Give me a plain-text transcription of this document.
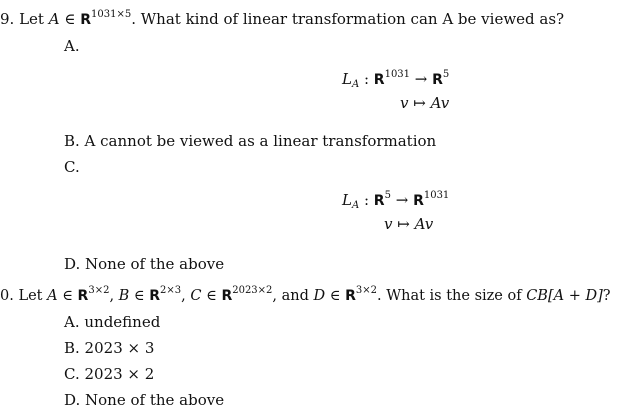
9. Let A ∈ $R^{1031\times 5}$. What kind of linear transformation can A be viewed as?
A.
$L_A$ : $R^{1031} \to R^5$
v ↦ Av
B. A cannot be viewed as a linear transformation
C.
$L_A$ : $R^5 \to R^{1031}$
v ↦ Av
D. None of the above
0. Let A ∈ $R^{3\times 2}$, B ∈ $R^{2\times 3}$, C ∈ $R^{2023\times 2}$, and D ∈ $R^{3\times 2}$. What is the size of CB[A + D]?
A. undefined
B. 2023 × 3
C. 2023 × 2
D. None of the above
